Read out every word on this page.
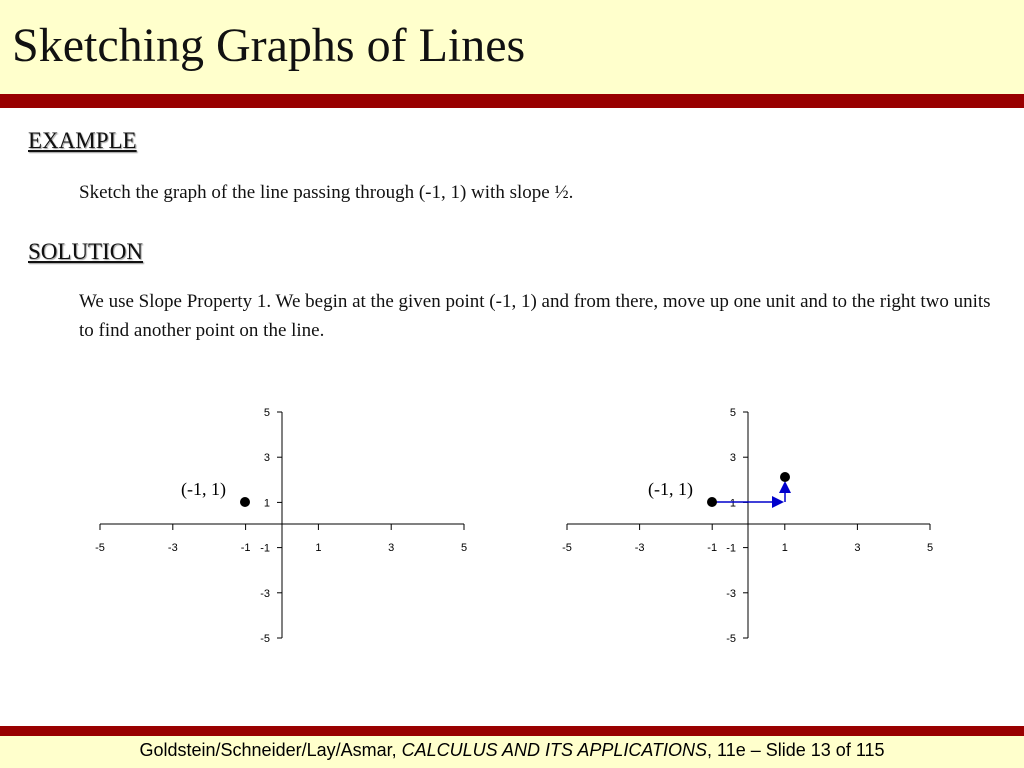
Sketching Graphs of Lines
EXAMPLE
Sketch the graph of the line passing through (-1, 1) with slope ½.
SOLUTION
We use Slope Property 1. We begin at the given point (-1, 1) and from there, move up one unit and to the right two units to find another point on the line.
-5	-3	-1	1	3	5
5
3
1
-1
-3
-5
(-1, 1)
-5	-3	-1	1	3	5
5
3
1
-1
-3
-5
(-1, 1)
Goldstein/Schneider/Lay/Asmar, CALCULUS AND ITS APPLICATIONS, 11e – Slide 13 of 115
